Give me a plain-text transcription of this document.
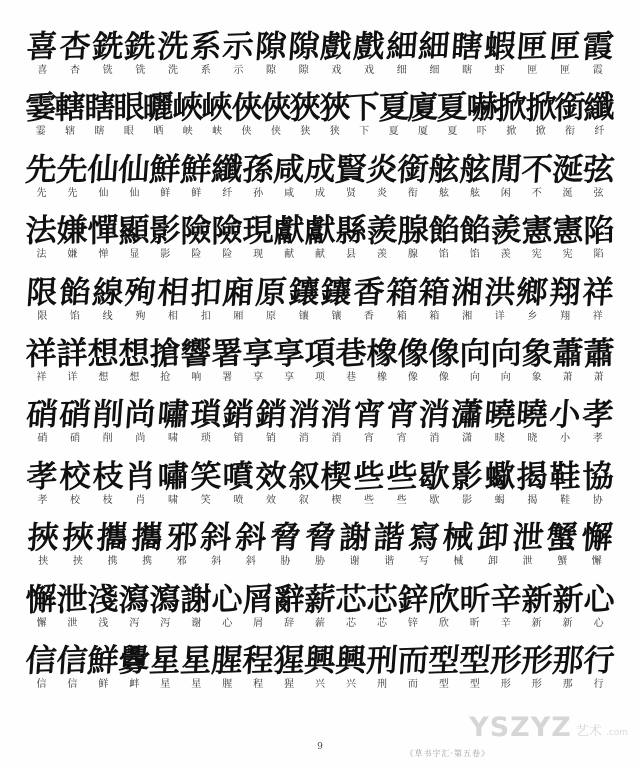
喜
喜
杏
杏
銑
铣
銑
铣
洗
洗
系
系
示
示
隙
隙
隙
隙
戲
戏
戲
戏
細
细
細
细
瞎
瞎
蝦
虾
匣
匣
匣
匣
霞
霞
霎
霎
轄
辖
瞎
瞎
眼
眼
曬
晒
峽
峡
峽
峡
俠
侠
俠
侠
狹
狭
狹
狭
下
下
夏
夏
廈
厦
夏
夏
嚇
吓
掀
掀
掀
掀
銜
衔
纖
纤
先
先
先
先
仙
仙
仙
仙
鮮
鲜
鮮
鲜
纖
纤
孫
孙
咸
咸
成
成
賢
贤
炎
炎
銜
衔
舷
舷
舷
舷
閒
闲
不
不
涎
涎
弦
弦
法
法
嫌
嫌
憚
惮
顯
显
影
影
險
险
險
险
現
现
獻
献
獻
献
縣
县
羨
羡
腺
腺
餡
馅
餡
馅
羨
羡
憲
宪
憲
宪
陷
陷
限
限
餡
馅
線
线
殉
殉
相
相
扣
扣
廂
厢
原
原
鑲
镶
鑲
镶
香
香
箱
箱
箱
箱
湘
湘
洪
详
鄉
乡
翔
翔
祥
祥
祥
祥
詳
详
想
想
想
想
搶
抢
響
响
署
署
享
享
享
享
項
项
巷
巷
橡
橡
像
像
像
像
向
向
向
向
象
象
蕭
萧
蕭
萧
硝
硝
硝
硝
削
削
尚
尚
嘯
啸
瑣
琐
銷
销
銷
销
消
消
消
消
宵
宵
宵
宵
消
消
瀟
潇
曉
晓
曉
晓
小
小
孝
孝
孝
孝
校
校
枝
枝
肖
肖
嘯
啸
笑
笑
噴
喷
效
效
叙
叙
楔
楔
些
些
些
些
歇
歇
影
影
蠍
蝎
揭
揭
鞋
鞋
協
协
挾
挟
挾
挟
攜
携
攜
携
邪
邪
斜
斜
斜
斜
脅
胁
脅
胁
謝
谢
諧
谐
寫
写
械
械
卸
卸
泄
泄
蟹
蟹
懈
懈
懈
懈
泄
泄
淺
浅
瀉
泻
瀉
泻
謝
谢
心
心
屑
屑
辭
辞
薪
薪
芯
芯
芯
芯
鋅
锌
欣
欣
昕
昕
辛
辛
新
新
新
新
心
心
信
信
信
信
鮮
鲜
釁
衅
星
星
星
星
腥
腥
程
程
猩
猩
興
兴
興
兴
刑
刑
而
而
型
型
型
型
形
形
形
形
那
那
行
行
9
《草书字汇·第五卷》
YSZYZ 艺术 .com
